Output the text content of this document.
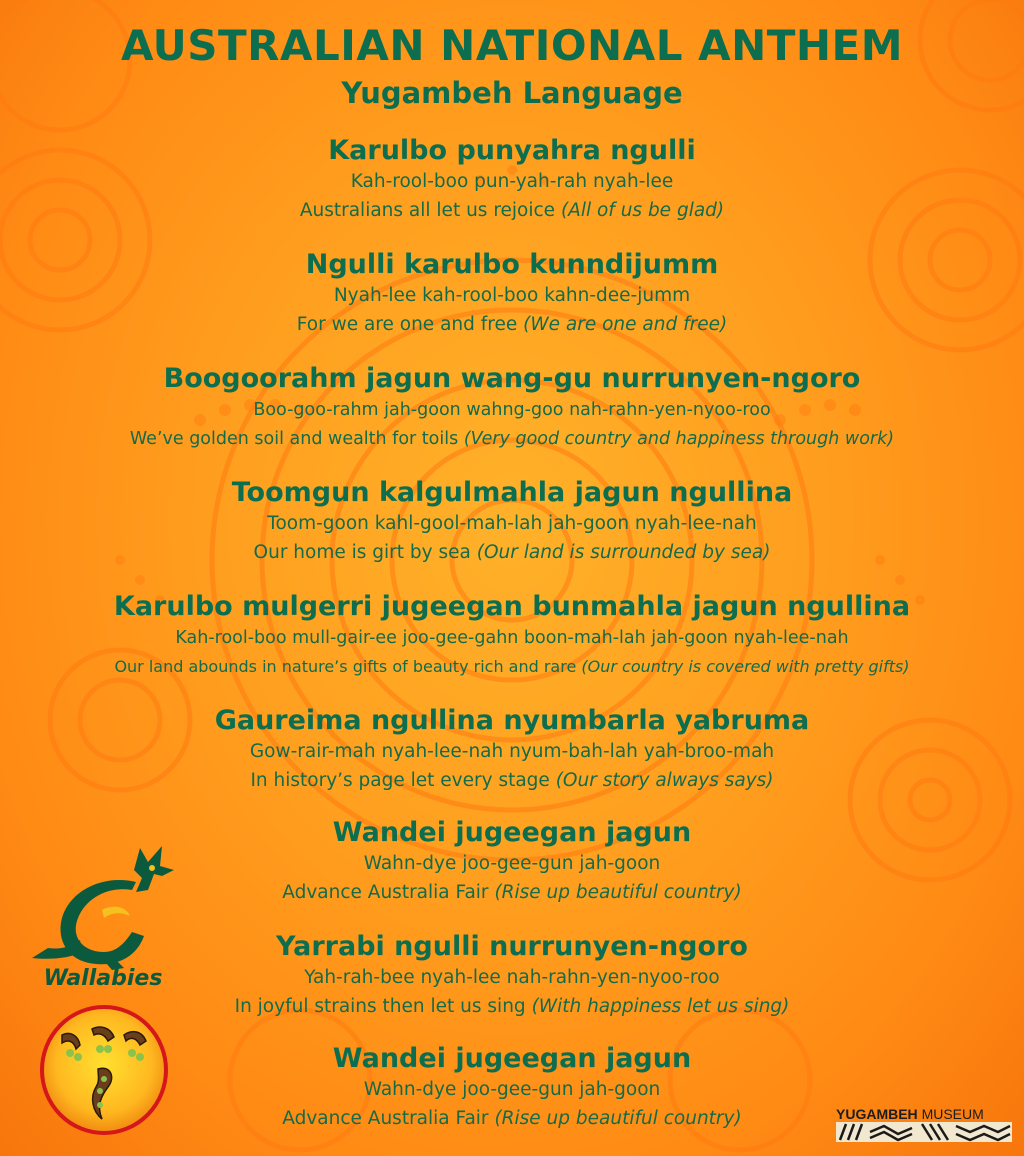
AUSTRALIAN NATIONAL ANTHEM
Yugambeh Language
Karulbo punyahra ngulli
Kah-rool-boo pun-yah-rah nyah-lee
Australians all let us rejoice (All of us be glad)
Ngulli karulbo kunndijumm
Nyah-lee kah-rool-boo kahn-dee-jumm
For we are one and free (We are one and free)
Boogoorahm jagun wang-gu nurrunyen-ngoro
Boo-goo-rahm jah-goon wahng-goo nah-rahn-yen-nyoo-roo
We’ve golden soil and wealth for toils (Very good country and happiness through work)
Toomgun kalgulmahla jagun ngullina
Toom-goon kahl-gool-mah-lah jah-goon nyah-lee-nah
Our home is girt by sea (Our land is surrounded by sea)
Karulbo mulgerri jugeegan bunmahla jagun ngullina
Kah-rool-boo mull-gair-ee joo-gee-gahn boon-mah-lah jah-goon nyah-lee-nah
Our land abounds in nature’s gifts of beauty rich and rare (Our country is covered with pretty gifts)
Gaureima ngullina nyumbarla yabruma
Gow-rair-mah nyah-lee-nah nyum-bah-lah yah-broo-mah
In history’s page let every stage (Our story always says)
Wandei jugeegan jagun
Wahn-dye joo-gee-gun jah-goon
Advance Australia Fair (Rise up beautiful country)
Yarrabi ngulli nurrunyen-ngoro
Yah-rah-bee nyah-lee nah-rahn-yen-nyoo-roo
In joyful strains then let us sing (With happiness let us sing)
Wandei jugeegan jagun
Wahn-dye joo-gee-gun jah-goon
Advance Australia Fair (Rise up beautiful country)
Wallabies
YUGAMBEH MUSEUM
